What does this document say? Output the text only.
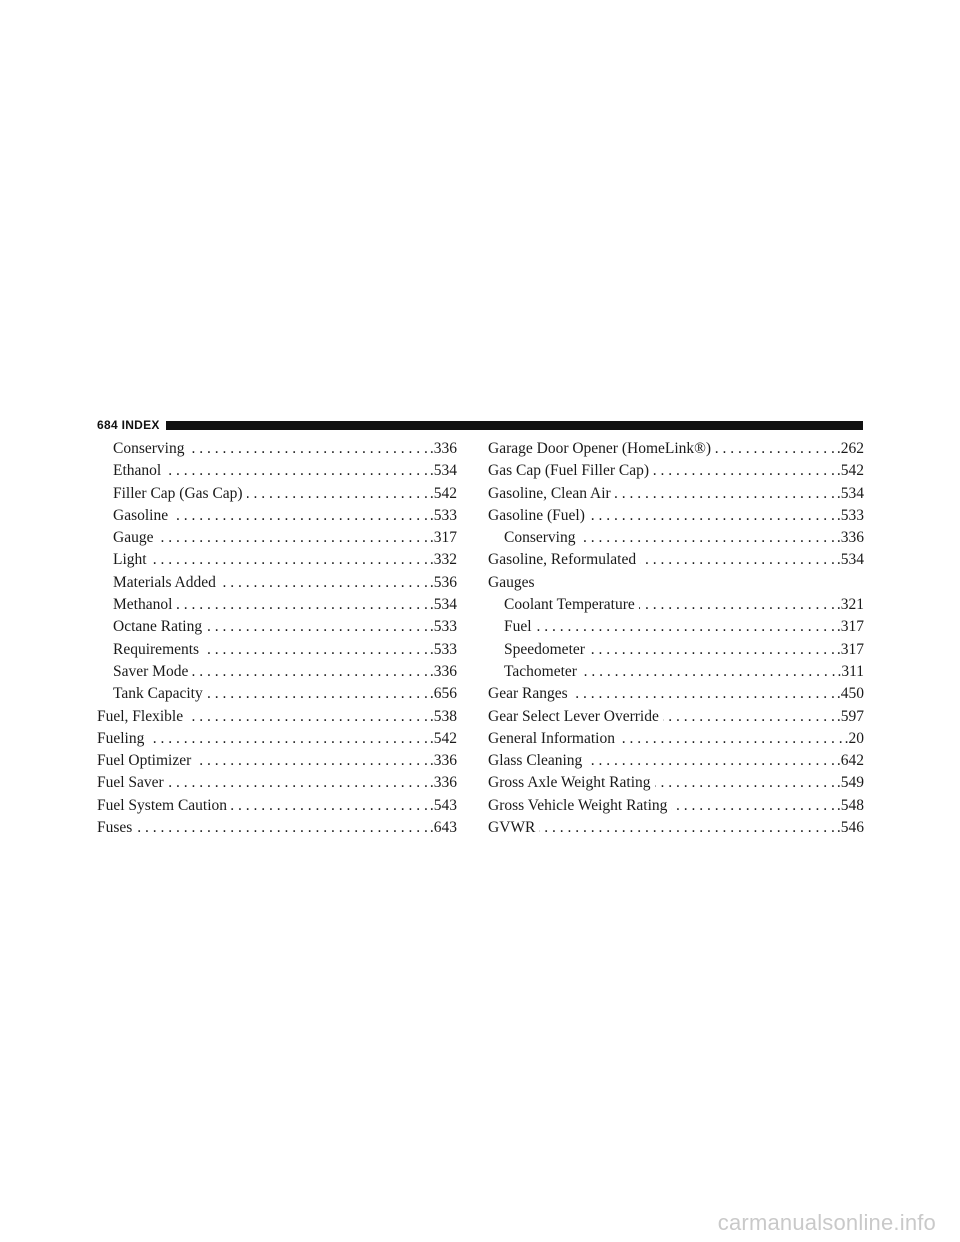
684 INDEX
Conserving . . .	.336
Ethanol . . .	.534
Filler Cap (Gas Cap) . . .	.542
Gasoline . . .	.533
Gauge . . .	.317
Light . . .	.332
Materials Added . . .	.536
Methanol . . .	.534
Octane Rating . . .	.533
Requirements . . .	.533
Saver Mode . . .	.336
Tank Capacity . . .	.656
Fuel, Flexible . . .	.538
Fueling . . .	.542
Fuel Optimizer . . .	.336
Fuel Saver . . .	.336
Fuel System Caution . . .	.543
Fuses . . .	.643
Garage Door Opener (HomeLink®) . . .	.262
Gas Cap (Fuel Filler Cap) . . .	.542
Gasoline, Clean Air . . .	.534
Gasoline (Fuel) . . .	.533
Conserving . . .	.336
Gasoline, Reformulated . . .	.534
Gauges
Coolant Temperature . . .	.321
Fuel . . .	.317
Speedometer . . .	.317
Tachometer . . .	.311
Gear Ranges . . .	.450
Gear Select Lever Override . . .	.597
General Information . . .	.20
Glass Cleaning . . .	.642
Gross Axle Weight Rating . . .	.549
Gross Vehicle Weight Rating . . .	.548
GVWR . . .	.546
carmanualsonline.info
